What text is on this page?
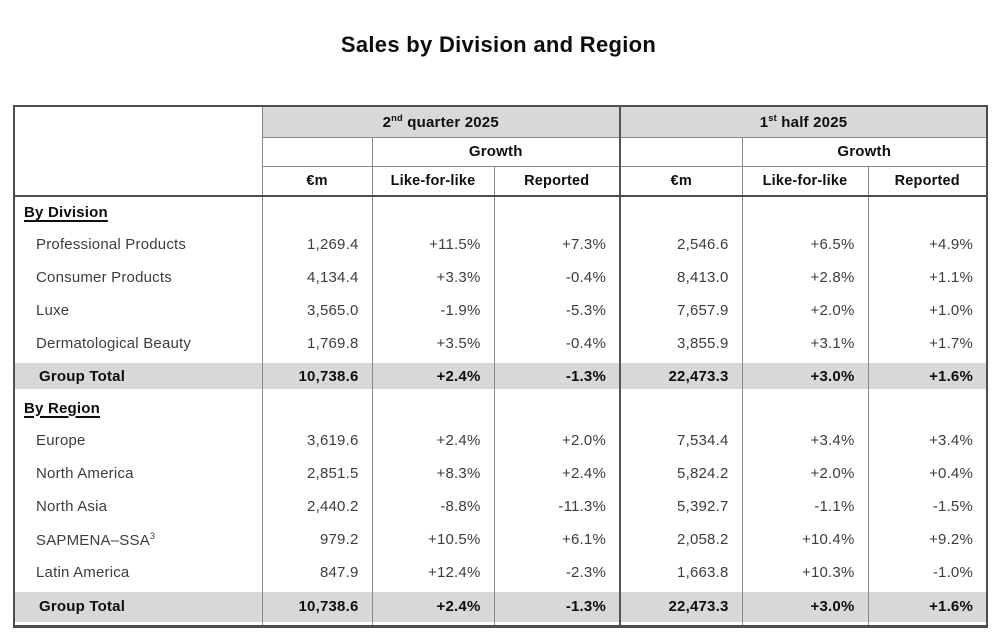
Sales by Division and Region
	2nd quarter 2025			1st half 2025		
		Growth			Growth	
	€m	Like-for-like	Reported	€m	Like-for-like	Reported
By Division						
Professional Products	1,269.4	+11.5%	+7.3%	2,546.6	+6.5%	+4.9%
Consumer Products	4,134.4	+3.3%	-0.4%	8,413.0	+2.8%	+1.1%
Luxe	3,565.0	-1.9%	-5.3%	7,657.9	+2.0%	+1.0%
Dermatological Beauty	1,769.8	+3.5%	-0.4%	3,855.9	+3.1%	+1.7%
Group Total	10,738.6	+2.4%	-1.3%	22,473.3	+3.0%	+1.6%
By Region						
Europe	3,619.6	+2.4%	+2.0%	7,534.4	+3.4%	+3.4%
North America	2,851.5	+8.3%	+2.4%	5,824.2	+2.0%	+0.4%
North Asia	2,440.2	-8.8%	-11.3%	5,392.7	-1.1%	-1.5%
SAPMENA–SSA$^3$	979.2	+10.5%	+6.1%	2,058.2	+10.4%	+9.2%
Latin America	847.9	+12.4%	-2.3%	1,663.8	+10.3%	-1.0%
Group Total	10,738.6	+2.4%	-1.3%	22,473.3	+3.0%	+1.6%
